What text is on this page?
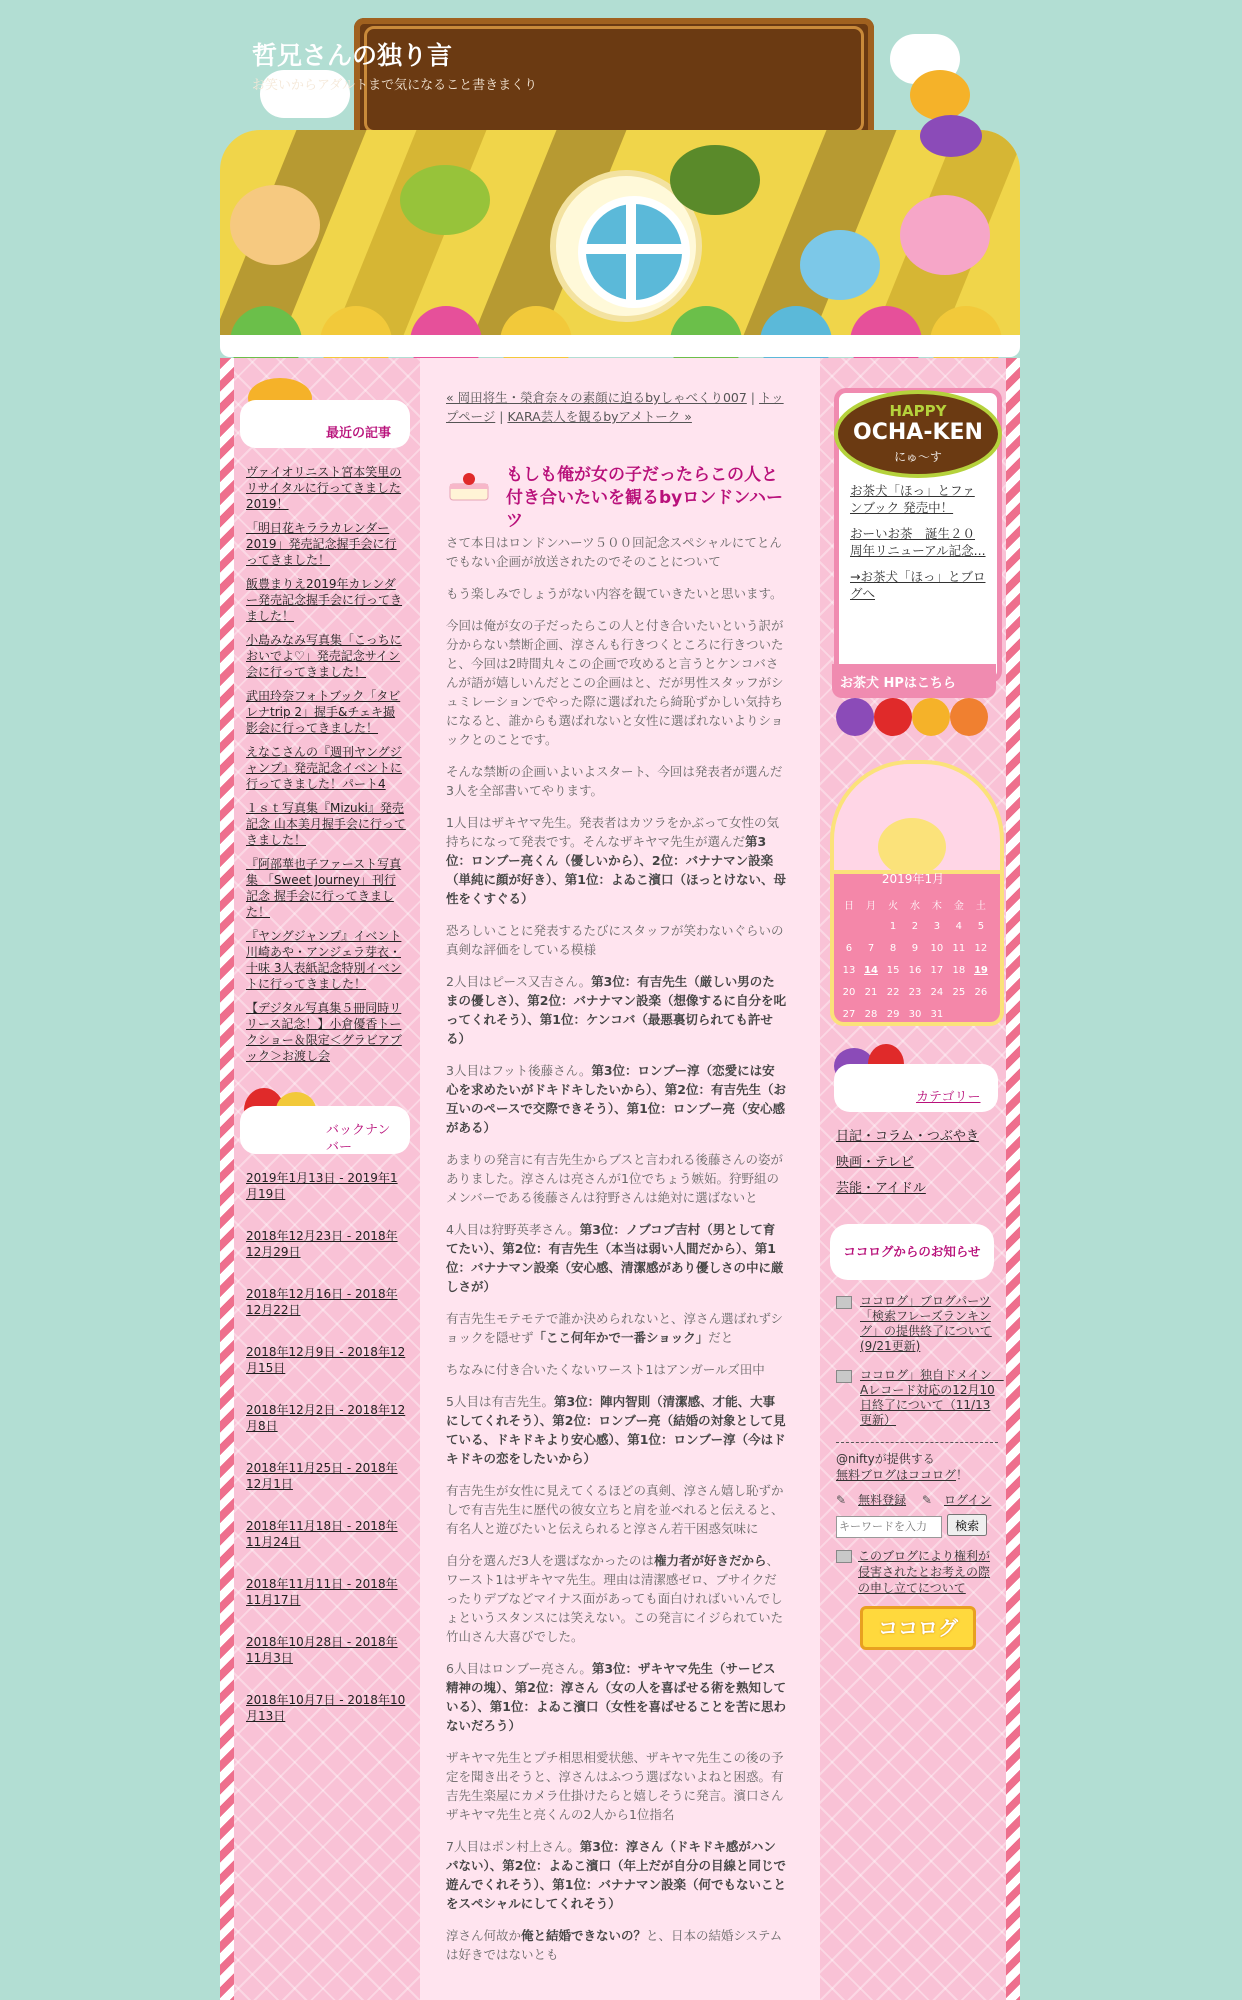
哲兄さんの独り言
お笑いからアダルトまで気になること書きまくり
最近の記事
ヴァイオリニスト宮本笑里のリサイタルに行ってきました2019！
「明日花キララカレンダー2019」発売記念握手会に行ってきました！
飯豊まりえ2019年カレンダー発売記念握手会に行ってきました！
小島みなみ写真集「こっちにおいでよ♡」発売記念サイン会に行ってきました！
武田玲奈フォトブック「タビレナtrip 2」握手&チェキ撮影会に行ってきました！
えなこさんの『週刊ヤングジャンプ』発売記念イベントに行ってきました！パート4
１ｓｔ写真集『Mizuki』発売記念 山本美月握手会に行ってきました！
『阿部華也子ファースト写真集 「Sweet Journey」刊行記念 握手会に行ってきました！
『ヤングジャンプ』イベント 川崎あや・アンジェラ芽衣・十味 3人表紙記念特別イベントに行ってきました！
【デジタル写真集５冊同時リリース記念！】小倉優香トークショー＆限定＜グラビアブック＞お渡し会
バックナンバー
2019年1月13日 - 2019年1月19日
2018年12月23日 - 2018年12月29日
2018年12月16日 - 2018年12月22日
2018年12月9日 - 2018年12月15日
2018年12月2日 - 2018年12月8日
2018年11月25日 - 2018年12月1日
2018年11月18日 - 2018年11月24日
2018年11月11日 - 2018年11月17日
2018年10月28日 - 2018年11月3日
2018年10月7日 - 2018年10月13日
« 岡田将生・榮倉奈々の素顔に迫るbyしゃべくり007 | トップページ | KARA芸人を観るbyアメトーク »
もしも俺が女の子だったらこの人と付き合いたいを観るbyロンドンハーツ

さて本日はロンドンハーツ５００回記念スペシャルにてとんでもない企画が放送されたのでそのことについて

もう楽しみでしょうがない内容を観ていきたいと思います。

今回は俺が女の子だったらこの人と付き合いたいという訳が分からない禁断企画、淳さんも行きつくところに行きついたと、今回は2時間丸々この企画で攻めると言うとケンコバさんが語が嬉しいんだとこの企画はと、だが男性スタッフがシュミレーションでやった際に選ばれたら綺恥ずかしい気持ちになると、誰からも選ばれないと女性に選ばれないよりショックとのことです。

そんな禁断の企画いよいよスタート、今回は発表者が選んだ3人を全部書いてやります。

1人目はザキヤマ先生。発表者はカツラをかぶって女性の気持ちになって発表です。そんなザキヤマ先生が選んだ第3位：ロンブー亮くん（優しいから）、2位：バナナマン設楽（単純に顔が好き）、第1位：よゐこ濱口（ほっとけない、母性をくすぐる）

恐ろしいことに発表するたびにスタッフが笑わないぐらいの真剣な評価をしている模様

2人目はピース又吉さん。第3位：有吉先生（厳しい男のたまの優しさ）、第2位：バナナマン設楽（想像するに自分を叱ってくれそう）、第1位：ケンコバ（最悪裏切られても許せる）

3人目はフット後藤さん。第3位：ロンブー淳（恋愛には安心を求めたいがドキドキしたいから）、第2位：有吉先生（お互いのペースで交際できそう）、第1位：ロンブー亮（安心感がある）

あまりの発言に有吉先生からブスと言われる後藤さんの姿がありました。淳さんは亮さんが1位でちょう嫉妬。狩野組のメンバーである後藤さんは狩野さんは絶対に選ばないと

4人目は狩野英孝さん。第3位：ノブコブ吉村（男として育てたい）、第2位：有吉先生（本当は弱い人間だから）、第1位：バナナマン設楽（安心感、清潔感があり優しさの中に厳しさが）

有吉先生モテモテで誰か決められないと、淳さん選ばれずショックを隠せず「ここ何年かで一番ショック」だと

ちなみに付き合いたくないワースト1はアンガールズ田中

5人目は有吉先生。第3位：陣内智則（清潔感、才能、大事にしてくれそう）、第2位：ロンブー亮（結婚の対象として見ている、ドキドキより安心感）、第1位：ロンブー淳（今はドキドキの恋をしたいから）

有吉先生が女性に見えてくるほどの真剣、淳さん嬉し恥ずかしで有吉先生に歴代の彼女立ちと肩を並べれると伝えると、有名人と遊びたいと伝えられると淳さん若干困惑気味に

自分を選んだ3人を選ばなかったのは権力者が好きだから、ワースト1はザキヤマ先生。理由は清潔感ゼロ、ブサイクだったりデブなどマイナス面があっても面白ければいいんでしょというスタンスには笑えない。この発言にイジられていた竹山さん大喜びでした。

6人目はロンブー亮さん。第3位：ザキヤマ先生（サービス精神の塊）、第2位：淳さん（女の人を喜ばせる術を熟知している）、第1位：よゐこ濱口（女性を喜ばせることを苦に思わないだろう）

ザキヤマ先生とプチ相思相愛状態、ザキヤマ先生この後の予定を聞き出そうと、淳さんはふつう選ばないよねと困惑。有吉先生楽屋にカメラ仕掛けたらと嬉しそうに発言。濱口さんザキヤマ先生と亮くんの2人から1位指名

7人目はポン村上さん。第3位：淳さん（ドキドキ感がハンパない）、第2位：よゐこ濱口（年上だが自分の目線と同じで遊んでくれそう）、第1位：バナナマン設楽（何でもないことをスペシャルにしてくれそう）

淳さん何故か俺と結婚できないの？と、日本の結婚システムは好きではないとも

HAPPY
OCHA-KEN
にゅ〜す
お茶犬「ほっ」とファンブック 発売中！
おーいお茶　誕生２０周年リニューアル記念...
→お茶犬「ほっ」とブログへ
お茶犬 HPはこちら
2019年1月
日	月	火	水	木	金	土
		1	2	3	4	5
6	7	8	9	10	11	12
13	14	15	16	17	18	19
20	21	22	23	24	25	26
27	28	29	30	31		
カテゴリー
日記・コラム・つぶやき
映画・テレビ
芸能・アイドル
ココログからのお知らせ
ココログ」ブログパーツ「検索フレーズランキング」の提供終了について(9/21更新)
ココログ」独自ドメイン　Aレコード対応の12月10日終了について（11/13更新）
@niftyが提供する
無料ブログはココログ！
✎ 無料登録 ✎ ログイン
キーワードを入力 検索
このブログにより権利が侵害されたとお考えの際の申し立てについて
ココログ
